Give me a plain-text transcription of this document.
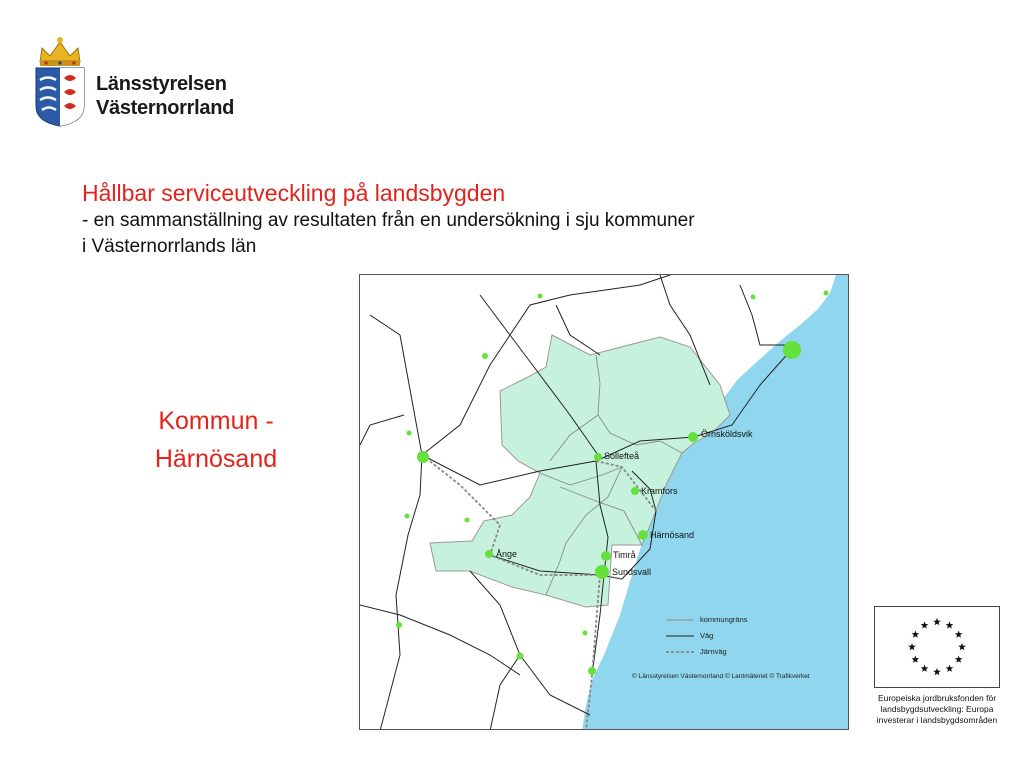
Länsstyrelsen
Västernorrland
Hållbar serviceutveckling på landsbygden

- en sammanställning av resultaten från en undersökning i sju kommuner

i Västernorrlands län

Kommun -
Härnösand
Örnsköldsvik
Sollefteå
Kramfors
Härnösand
Timrå
Sundsvall
Ånge
kommungräns
Väg
Järnväg
© Länsstyrelsen Västernorrland © Lantmäteriet © Trafikverket
Europeiska jordbruksfonden för
landsbygdsutveckling: Europa
investerar i landsbygdsområden
